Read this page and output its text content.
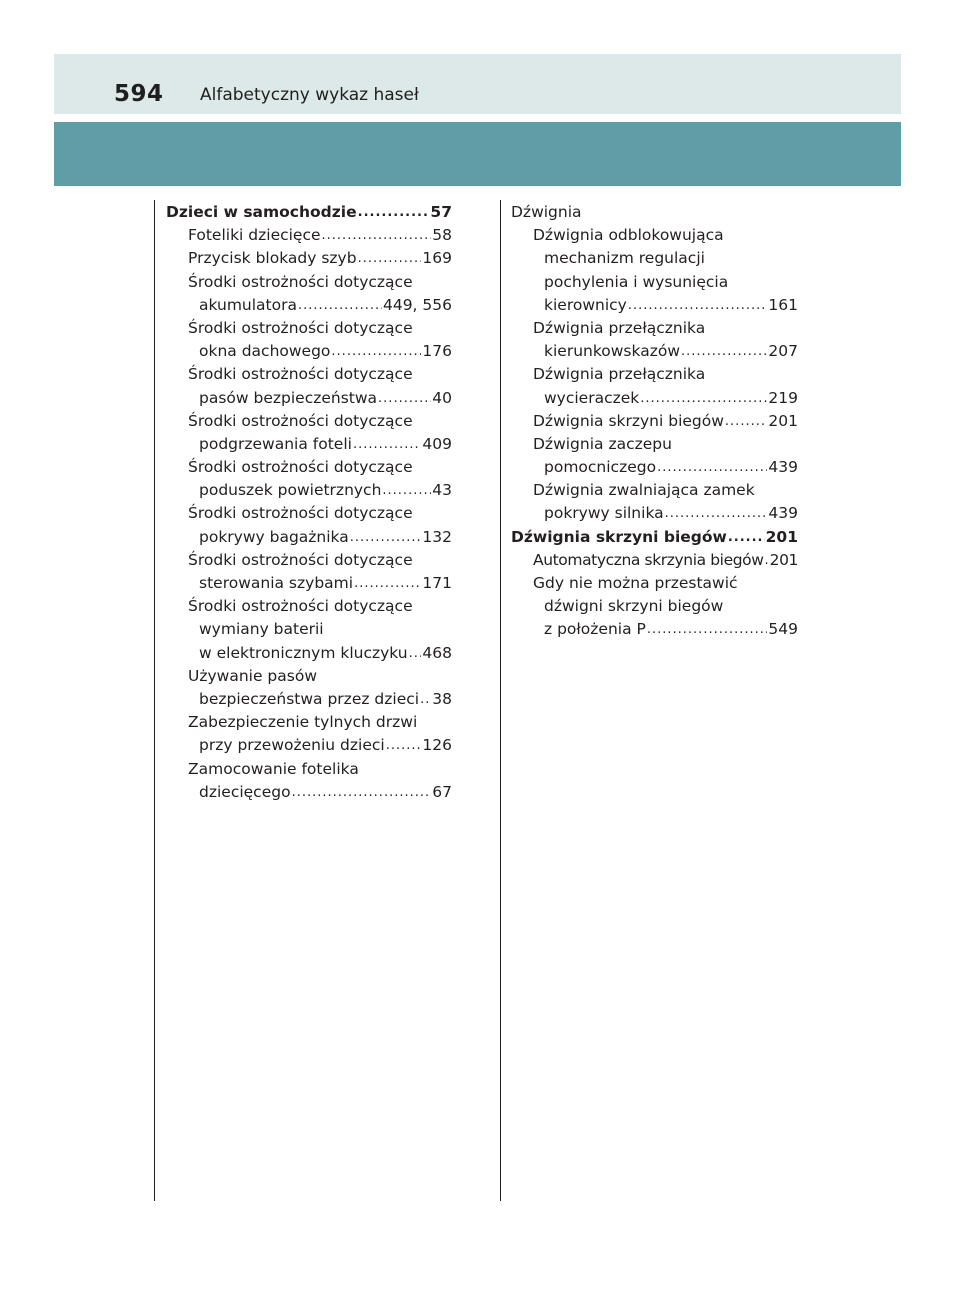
594 Alfabetyczny wykaz haseł
Dzieci w samochodzie .....	57
Foteliki dziecięce .....	58
Przycisk blokady szyb .....	169
Środki ostrożności dotyczące
akumulatora .....	449, 556
Środki ostrożności dotyczące
okna dachowego .....	176
Środki ostrożności dotyczące
pasów bezpieczeństwa .....	40
Środki ostrożności dotyczące
podgrzewania foteli .....	409
Środki ostrożności dotyczące
poduszek powietrznych .....	43
Środki ostrożności dotyczące
pokrywy bagażnika .....	132
Środki ostrożności dotyczące
sterowania szybami .....	171
Środki ostrożności dotyczące
wymiany baterii
w elektronicznym kluczyku ..... 468
Używanie pasów
bezpieczeństwa przez dzieci ..... 38
Zabezpieczenie tylnych drzwi
przy przewożeniu dzieci ..... 126
Zamocowanie fotelika
dziecięcego .....	67
Dźwignia
Dźwignia odblokowująca
mechanizm regulacji
pochylenia i wysunięcia
kierownicy .....	161
Dźwignia przełącznika
kierunkowskazów .....	207
Dźwignia przełącznika
wycieraczek .....	219
Dźwignia skrzyni biegów .....	201
Dźwignia zaczepu
pomocniczego .....	439
Dźwignia zwalniająca zamek
pokrywy silnika .....	439
Dźwignia skrzyni biegów .....	201
Automatyczna skrzynia biegów ..... 201
Gdy nie można przestawić
dźwigni skrzyni biegów
z położenia P .....	549
